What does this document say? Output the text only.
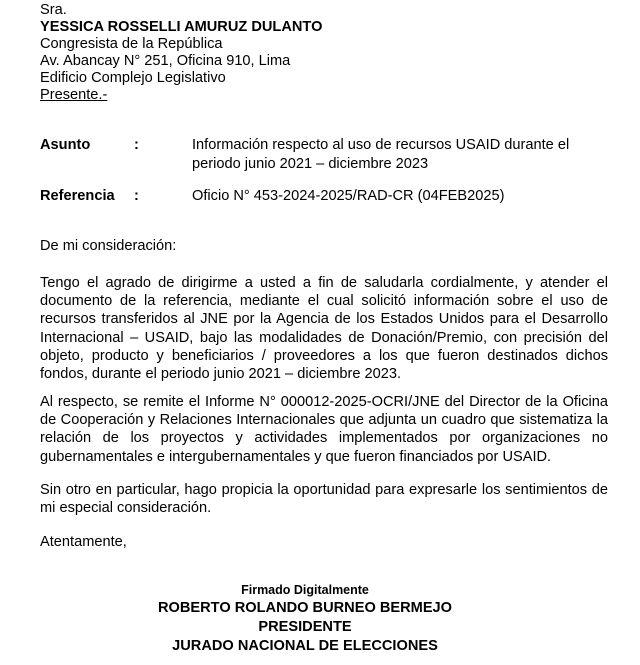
Sra.
YESSICA ROSSELLI AMURUZ DULANTO
Congresista de la República
Av. Abancay N° 251, Oficina 910, Lima
Edificio Complejo Legislativo
Presente.-
Asunto	:	Información respecto al uso de recursos USAID durante el
periodo junio 2021 – diciembre 2023
Referencia :	Oficio N° 453-2024-2025/RAD-CR (04FEB2025)
De mi consideración:
Tengo el agrado de dirigirme a usted a fin de saludarla cordialmente, y atender el documento de la referencia, mediante el cual solicitó información sobre el uso de recursos transferidos al JNE por la Agencia de los Estados Unidos para el Desarrollo Internacional – USAID, bajo las modalidades de Donación/Premio, con precisión del objeto, producto y beneficiarios / proveedores a los que fueron destinados dichos fondos, durante el periodo junio 2021 – diciembre 2023.
Al respecto, se remite el Informe N° 000012-2025-OCRI/JNE del Director de la Oficina de Cooperación y Relaciones Internacionales que adjunta un cuadro que sistematiza la relación de los proyectos y actividades implementados por organizaciones no gubernamentales e intergubernamentales y que fueron financiados por USAID.
Sin otro en particular, hago propicia la oportunidad para expresarle los sentimientos de mi especial consideración.
Atentamente,
Firmado Digitalmente
ROBERTO ROLANDO BURNEO BERMEJO
PRESIDENTE
JURADO NACIONAL DE ELECCIONES
